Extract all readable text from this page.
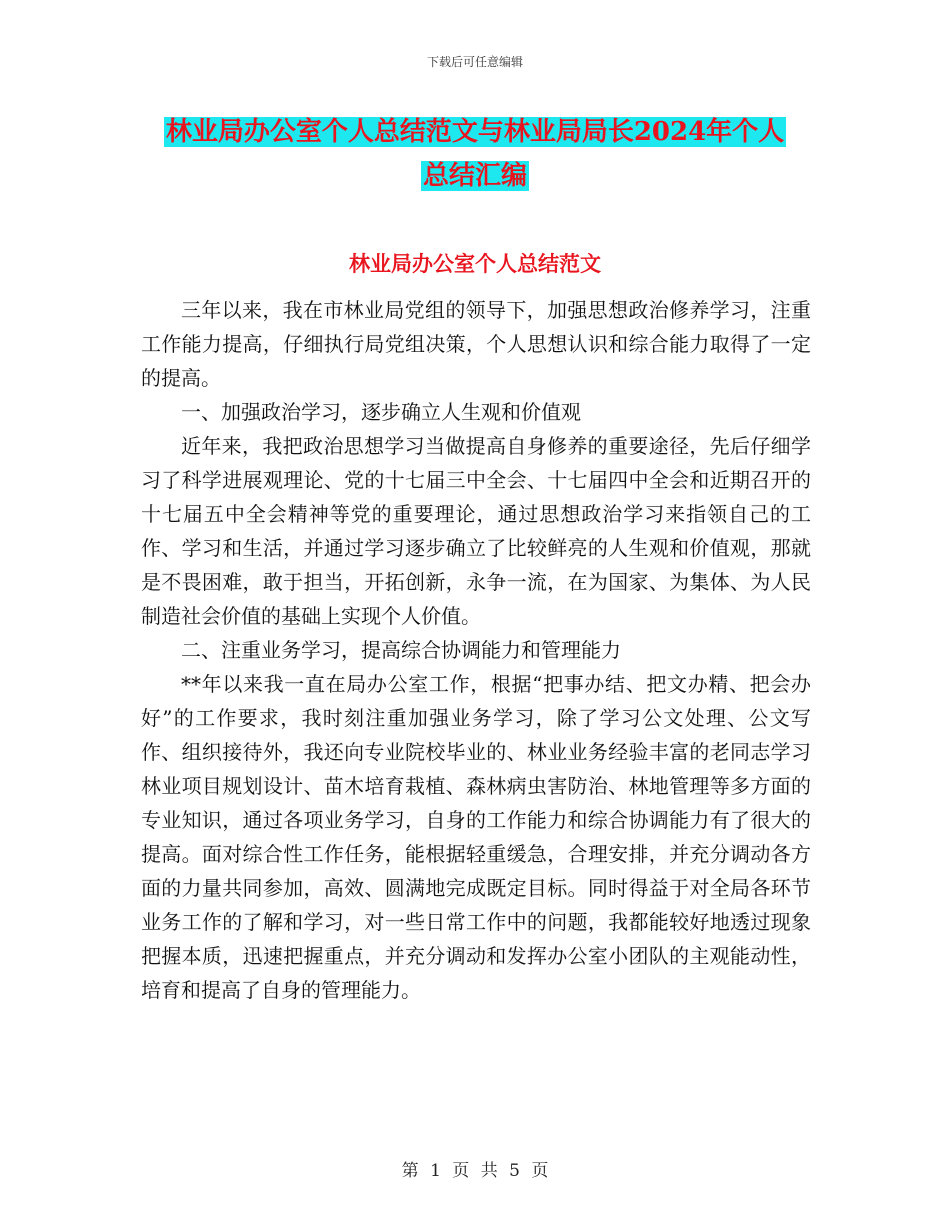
下载后可任意编辑
林业局办公室个人总结范文与林业局局长2024年个人
总结汇编
林业局办公室个人总结范文

三年以来，我在市林业局党组的领导下，加强思想政治修养学习，注重工作能力提高，仔细执行局党组决策，个人思想认识和综合能力取得了一定的提高。

一、加强政治学习，逐步确立人生观和价值观

近年来，我把政治思想学习当做提高自身修养的重要途径，先后仔细学习了科学进展观理论、党的十七届三中全会、十七届四中全会和近期召开的十七届五中全会精神等党的重要理论，通过思想政治学习来指领自己的工作、学习和生活，并通过学习逐步确立了比较鲜亮的人生观和价值观，那就是不畏困难，敢于担当，开拓创新，永争一流，在为国家、为集体、为人民制造社会价值的基础上实现个人价值。

二、注重业务学习，提高综合协调能力和管理能力

**年以来我一直在局办公室工作，根据“把事办结、把文办精、把会办好”的工作要求，我时刻注重加强业务学习，除了学习公文处理、公文写作、组织接待外，我还向专业院校毕业的、林业业务经验丰富的老同志学习林业项目规划设计、苗木培育栽植、森林病虫害防治、林地管理等多方面的专业知识，通过各项业务学习，自身的工作能力和综合协调能力有了很大的提高。面对综合性工作任务，能根据轻重缓急，合理安排，并充分调动各方面的力量共同参加，高效、圆满地完成既定目标。同时得益于对全局各环节业务工作的了解和学习，对一些日常工作中的问题，我都能较好地透过现象把握本质，迅速把握重点，并充分调动和发挥办公室小团队的主观能动性，培育和提高了自身的管理能力。

第 1 页 共 5 页
